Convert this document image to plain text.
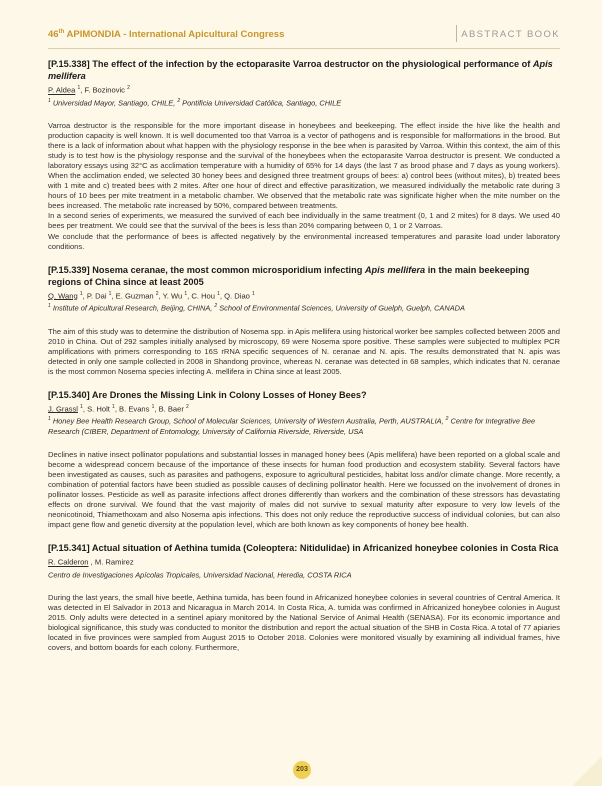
46th APIMONDIA - International Apicultural Congress	ABSTRACT BOOK
[P.15.338] The effect of the infection by the ectoparasite Varroa destructor on the physiological performance of Apis mellifera
P. Aldea $^1$, F. Bozinovic $^2$
$^1$ Universidad Mayor, Santiago, CHILE, $^2$ Pontificia Universidad Católica, Santiago, CHILE

Varroa destructor is the responsible for the more important disease in honeybees and beekeeping. The effect inside the hive like the health and production capacity is well known. It is well documented too that Varroa is a vector of pathogens and is responsible for malformations in the brood. But there is a lack of information about what happen with the physiology response in the bee when is parasited by Varroa. Within this context, the aim of this study is to test how is the physiology response and the survival of the honeybees when the ectoparasite Varroa destructor is present. We conducted a laboratory essays using 32°C as acclimation temperature with a humidity of 65% for 14 days (the last 7 as brood phase and 7 days as young workers). When the acclimation ended, we selected 30 honey bees and designed three treatment groups of bees: a) control bees (without mites), b) treated bees with 1 mite and c) treated bees with 2 mites. After one hour of direct and effective parasitization, we measured individually the metabolic rate during 3 hours of 10 bees per mite treatment in a metabolic chamber. We observed that the metabolic rate was significate higher when the mite number on the bees increased. The metabolic rate increased by 50%, compared between treatments.

In a second series of experiments, we measured the survived of each bee individually in the same treatment (0, 1 and 2 mites) for 8 days. We used 40 bees per treatment. We could see that the survival of the bees is less than 20% comparing between 0, 1 or 2 Varroas.

We conclude that the performance of bees is affected negatively by the environmental increased temperatures and parasite load under laboratory conditions.

[P.15.339] Nosema ceranae, the most common microsporidium infecting Apis mellifera in the main beekeeping regions of China since at least 2005
Q. Wang $^1$, P. Dai $^1$, E. Guzman $^2$, Y. Wu $^1$, C. Hou $^1$, Q. Diao $^1$
$^1$ Institute of Apicultural Research, Beijing, CHINA, $^2$ School of Environmental Sciences, University of Guelph, Guelph, CANADA

The aim of this study was to determine the distribution of Nosema spp. in Apis mellifera using historical worker bee samples collected between 2005 and 2010 in China. Out of 292 samples initially analysed by microscopy, 69 were Nosema spore positive. These samples were subjected to multiplex PCR amplifications with primers corresponding to 16S rRNA specific sequences of N. ceranae and N. apis. The results demonstrated that N. apis was detected in only one sample collected in 2008 in Shandong province, whereas N. ceranae was detected in 68 samples, which indicates that N. ceranae is the most common Nosema species infecting A. mellifera in China since at least 2005.

[P.15.340] Are Drones the Missing Link in Colony Losses of Honey Bees?
J. Grassl $^1$, S. Holt $^1$, B. Evans $^1$, B. Baer $^2$
$^1$ Honey Bee Health Research Group, School of Molecular Sciences, University of Western Australia, Perth, AUSTRALIA, $^2$ Centre for Integrative Bee Research (CIBER, Department of Entomology, University of California Riverside, Riverside, USA

Declines in native insect pollinator populations and substantial losses in managed honey bees (Apis mellifera) have been reported on a global scale and become a widespread concern because of the importance of these insects for human food production and ecosystem stability. Several factors have been investigated as causes, such as parasites and pathogens, exposure to agricultural pesticides, habitat loss and/or climate change. More recently, a combination of potential factors have been studied as possible causes of declining pollinator health. Here we focussed on the involvement of drones in pollinator losses. Pesticide as well as parasite infections affect drones differently than workers and the combination of these stressors has devastating effects on drone survival. We found that the vast majority of males did not survive to sexual maturity after exposure to very low levels of the neonicotinoid, Thiamethoxam and also Nosema apis infections. This does not only reduce the reproductive success of individual colonies, but can also impact gene flow and genetic diversity at the population level, which are both known as key components of honey bee health.

[P.15.341] Actual situation of Aethina tumida (Coleoptera: Nitidulidae) in Africanized honeybee colonies in Costa Rica
R. Calderon , M. Ramirez
Centro de Investigaciones Apícolas Tropicales, Universidad Nacional, Heredia, COSTA RICA

During the last years, the small hive beetle, Aethina tumida, has been found in Africanized honeybee colonies in several countries of Central America. It was detected in El Salvador in 2013 and Nicaragua in March 2014. In Costa Rica, A. tumida was confirmed in Africanized honeybee colonies in August 2015. Only adults were detected in a sentinel apiary monitored by the National Service of Animal Health (SENASA). For its economic importance and biological significance, this study was conducted to monitor the distribution and report the actual situation of the SHB in Costa Rica. A total of 77 apiaries located in five provinces were sampled from August 2015 to October 2018. Colonies were monitored visually by examining all individual frames, hive covers, and bottom boards for each colony. Furthermore,

203
